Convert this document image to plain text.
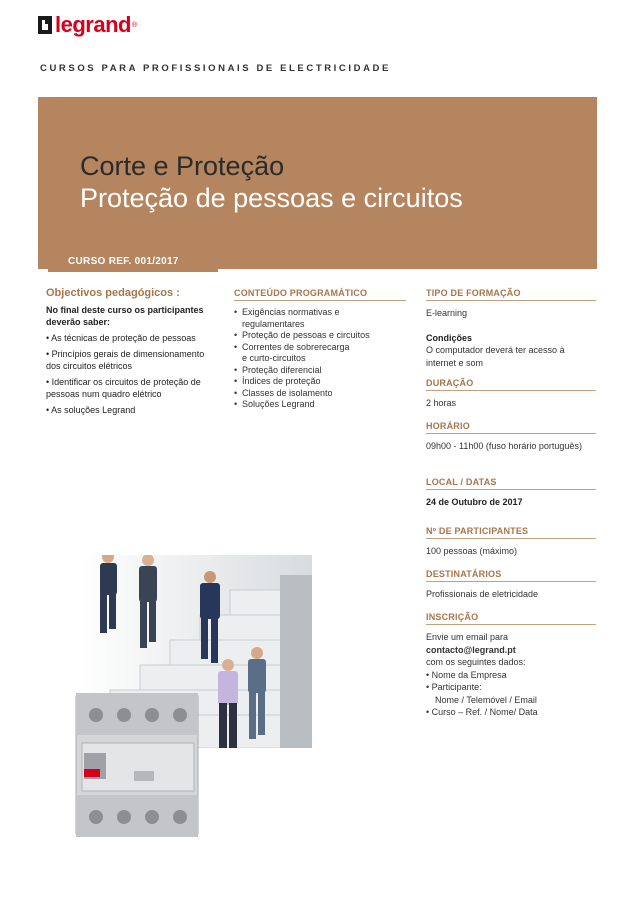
legrand ®
CURSOS PARA PROFISSIONAIS DE ELECTRICIDADE
Corte e Proteção
Proteção de pessoas e circuitos
CURSO REF. 001/2017
Objectivos pedagógicos :
No final deste curso os participantes deverão saber:
• As técnicas de proteção de pessoas
• Princípios gerais de dimensionamento dos circuitos elétricos
• Identificar os circuitos de proteção de pessoas num quadro elétrico
• As soluções Legrand
CONTEÚDO PROGRAMÁTICO
• Exigências normativas e
regulamentares
• Proteção de pessoas e circuitos
• Correntes de sobrerecarga
e curto-circuitos
• Proteção diferencial
• Índices de proteção
• Classes de isolamento
• Soluções Legrand
TIPO DE FORMAÇÃO
E-learning
Condições
O computador deverá ter acesso à internet e som
DURAÇÃO
2 horas
HORÁRIO
09h00 - 11h00 (fuso horário português)
LOCAL / DATAS
24 de Outubro de 2017
Nº DE PARTICIPANTES
100 pessoas (máximo)
DESTINATÁRIOS
Profissionais de eletricidade
INSCRIÇÃO
Envie um email para
contacto@legrand.pt
com os seguintes dados:
• Nome da Empresa
• Participante:
Nome / Telemóvel / Email
• Curso – Ref. / Nome/ Data
